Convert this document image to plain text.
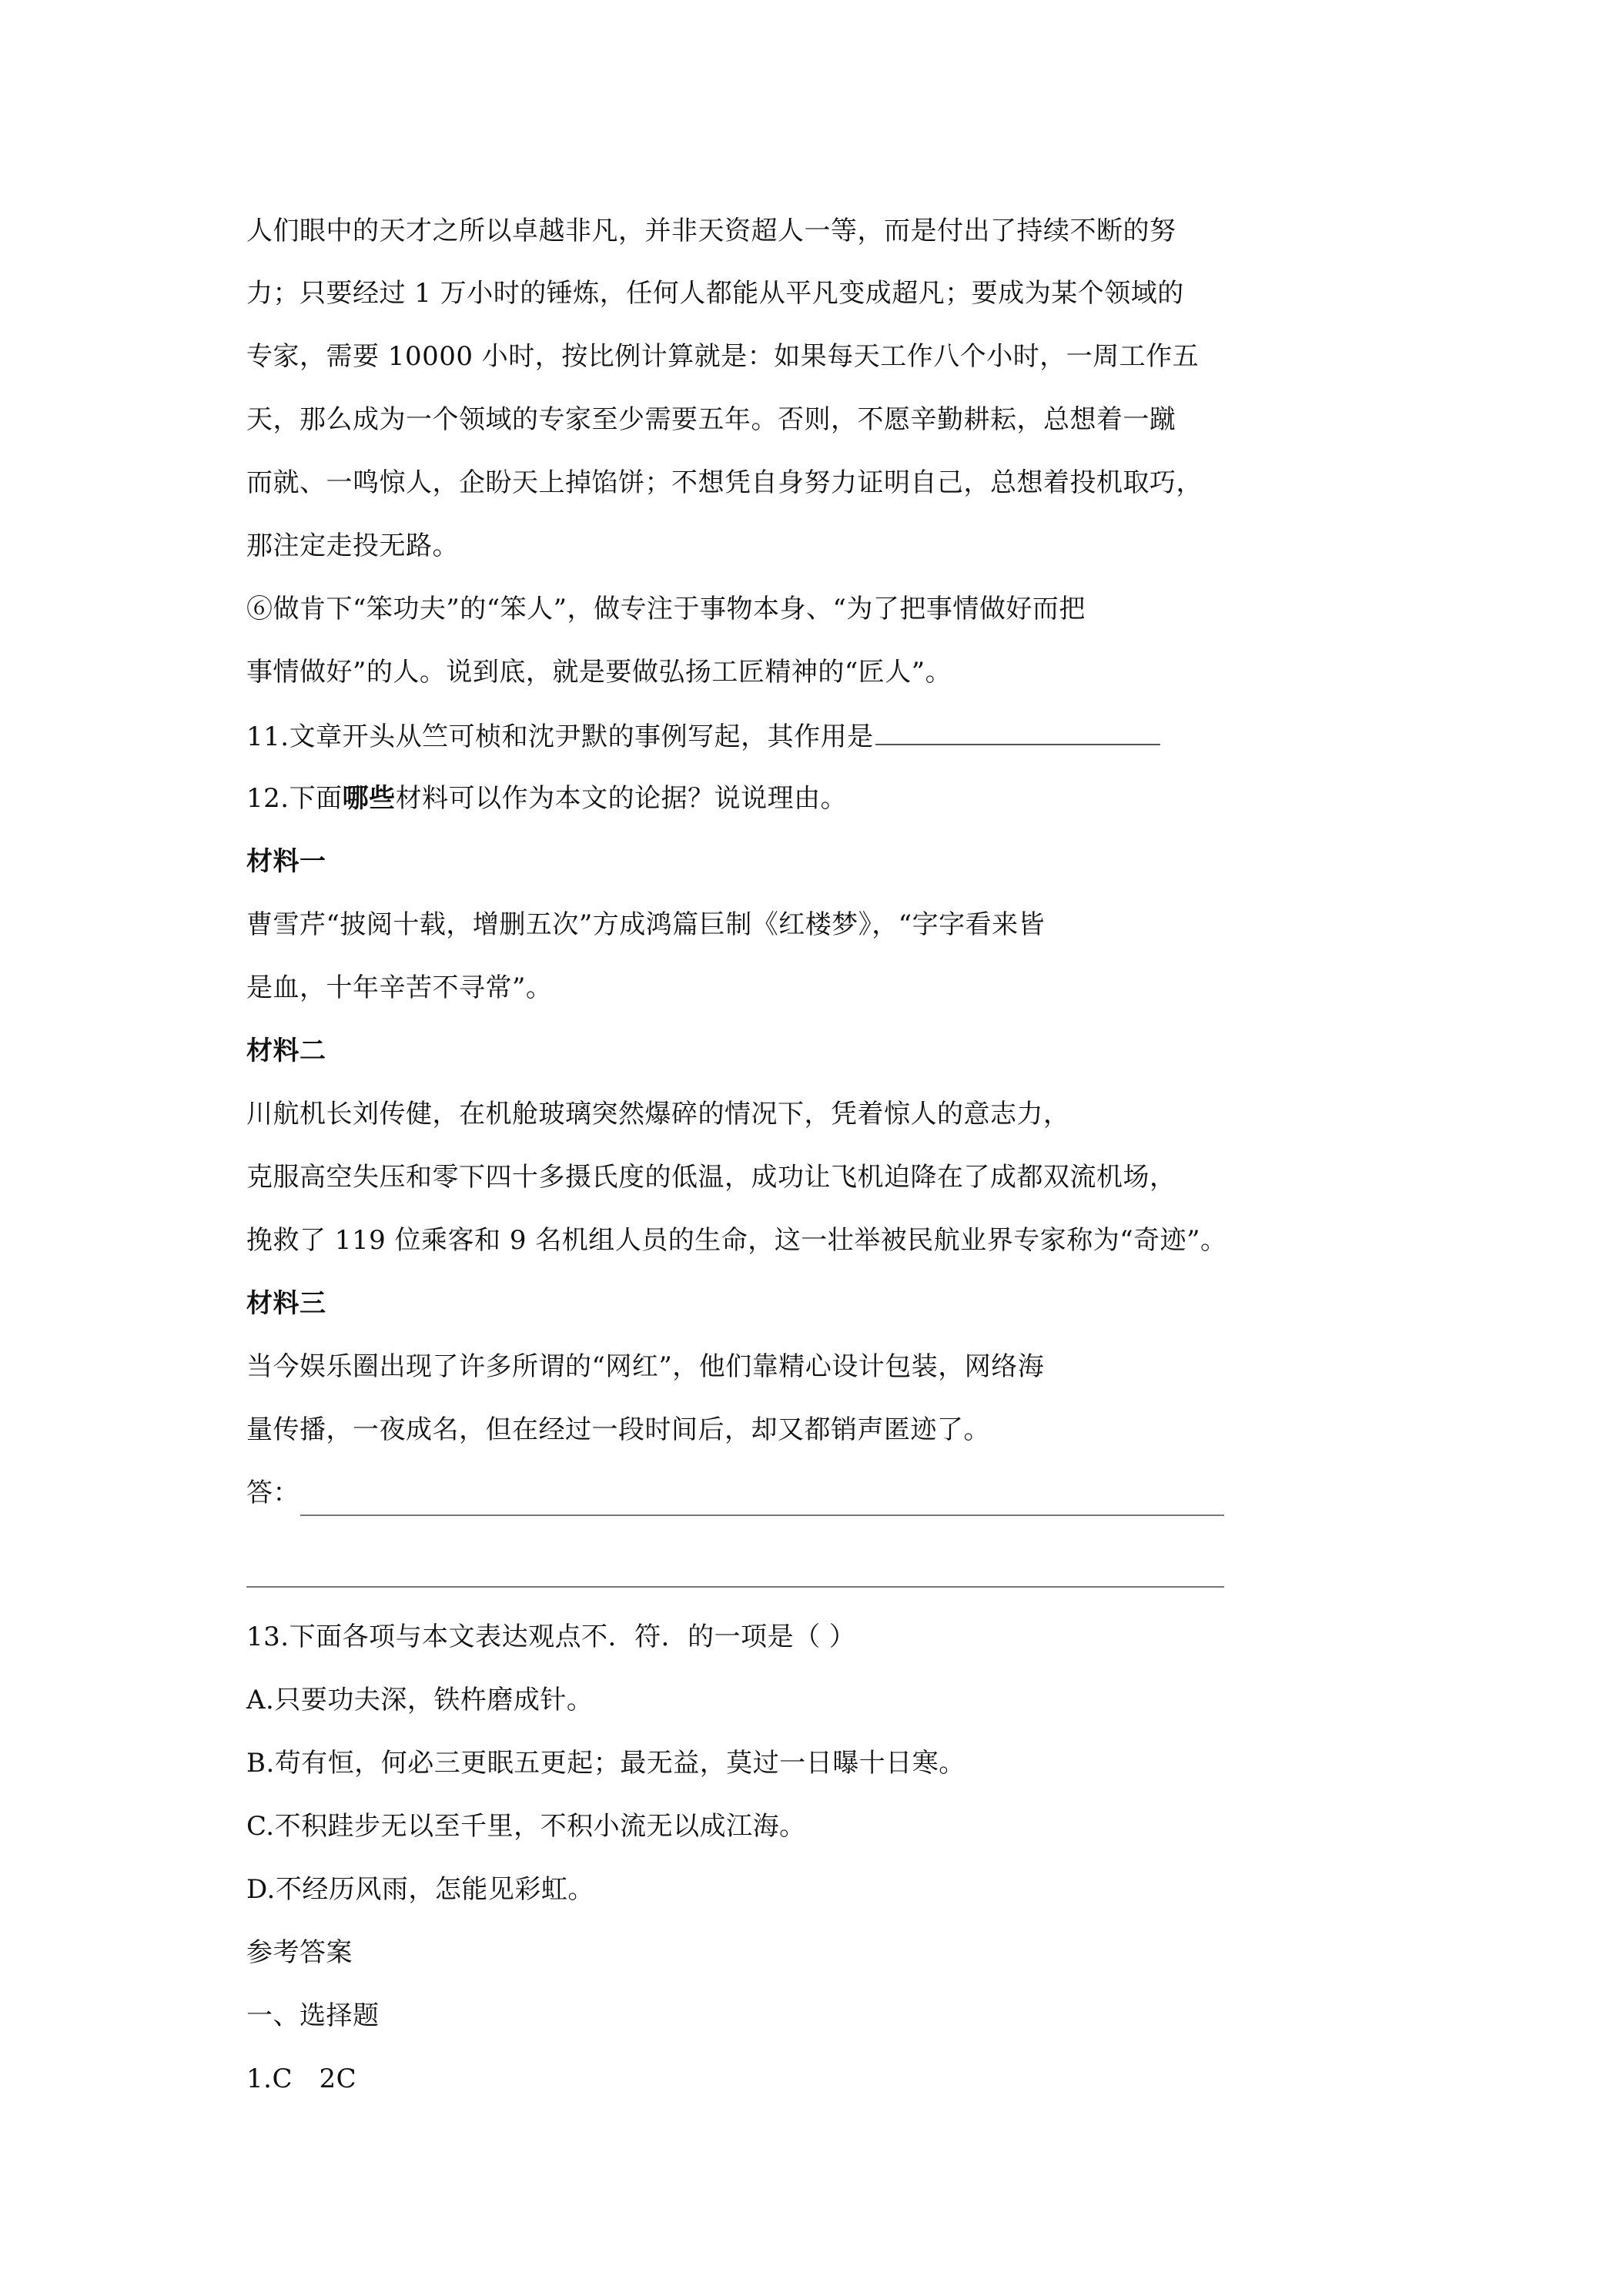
人们眼中的天才之所以卓越非凡，并非天资超人一等，而是付出了持续不断的努
力；只要经过 1 万小时的锤炼，任何人都能从平凡变成超凡；要成为某个领域的
专家，需要 10000 小时，按比例计算就是：如果每天工作八个小时，一周工作五
天，那么成为一个领域的专家至少需要五年。否则，不愿辛勤耕耘，总想着一蹴
而就、一鸣惊人，企盼天上掉馅饼；不想凭自身努力证明自己，总想着投机取巧，
那注定走投无路。
⑥做肯下“笨功夫”的“笨人”，做专注于事物本身、“为了把事情做好而把
事情做好”的人。说到底，就是要做弘扬工匠精神的“匠人”。
11.文章开头从竺可桢和沈尹默的事例写起，其作用是
12.下面哪些材料可以作为本文的论据？说说理由。
材料一
曹雪芹“披阅十载，增删五次”方成鸿篇巨制《红楼梦》，“字字看来皆
是血，十年辛苦不寻常”。
材料二
川航机长刘传健，在机舱玻璃突然爆碎的情况下，凭着惊人的意志力，
克服高空失压和零下四十多摄氏度的低温，成功让飞机迫降在了成都双流机场，
挽救了 119 位乘客和 9 名机组人员的生命，这一壮举被民航业界专家称为“奇迹”。
材料三
当今娱乐圈出现了许多所谓的“网红”，他们靠精心设计包装，网络海
量传播，一夜成名，但在经过一段时间后，却又都销声匿迹了。
答：
13.下面各项与本文表达观点不．符．的一项是（ ）
A.只要功夫深，铁杵磨成针。
B.苟有恒，何必三更眠五更起；最无益，莫过一日曝十日寒。
C.不积跬步无以至千里，不积小流无以成江海。
D.不经历风雨，怎能见彩虹。
参考答案
一、选择题
1.C　2C
